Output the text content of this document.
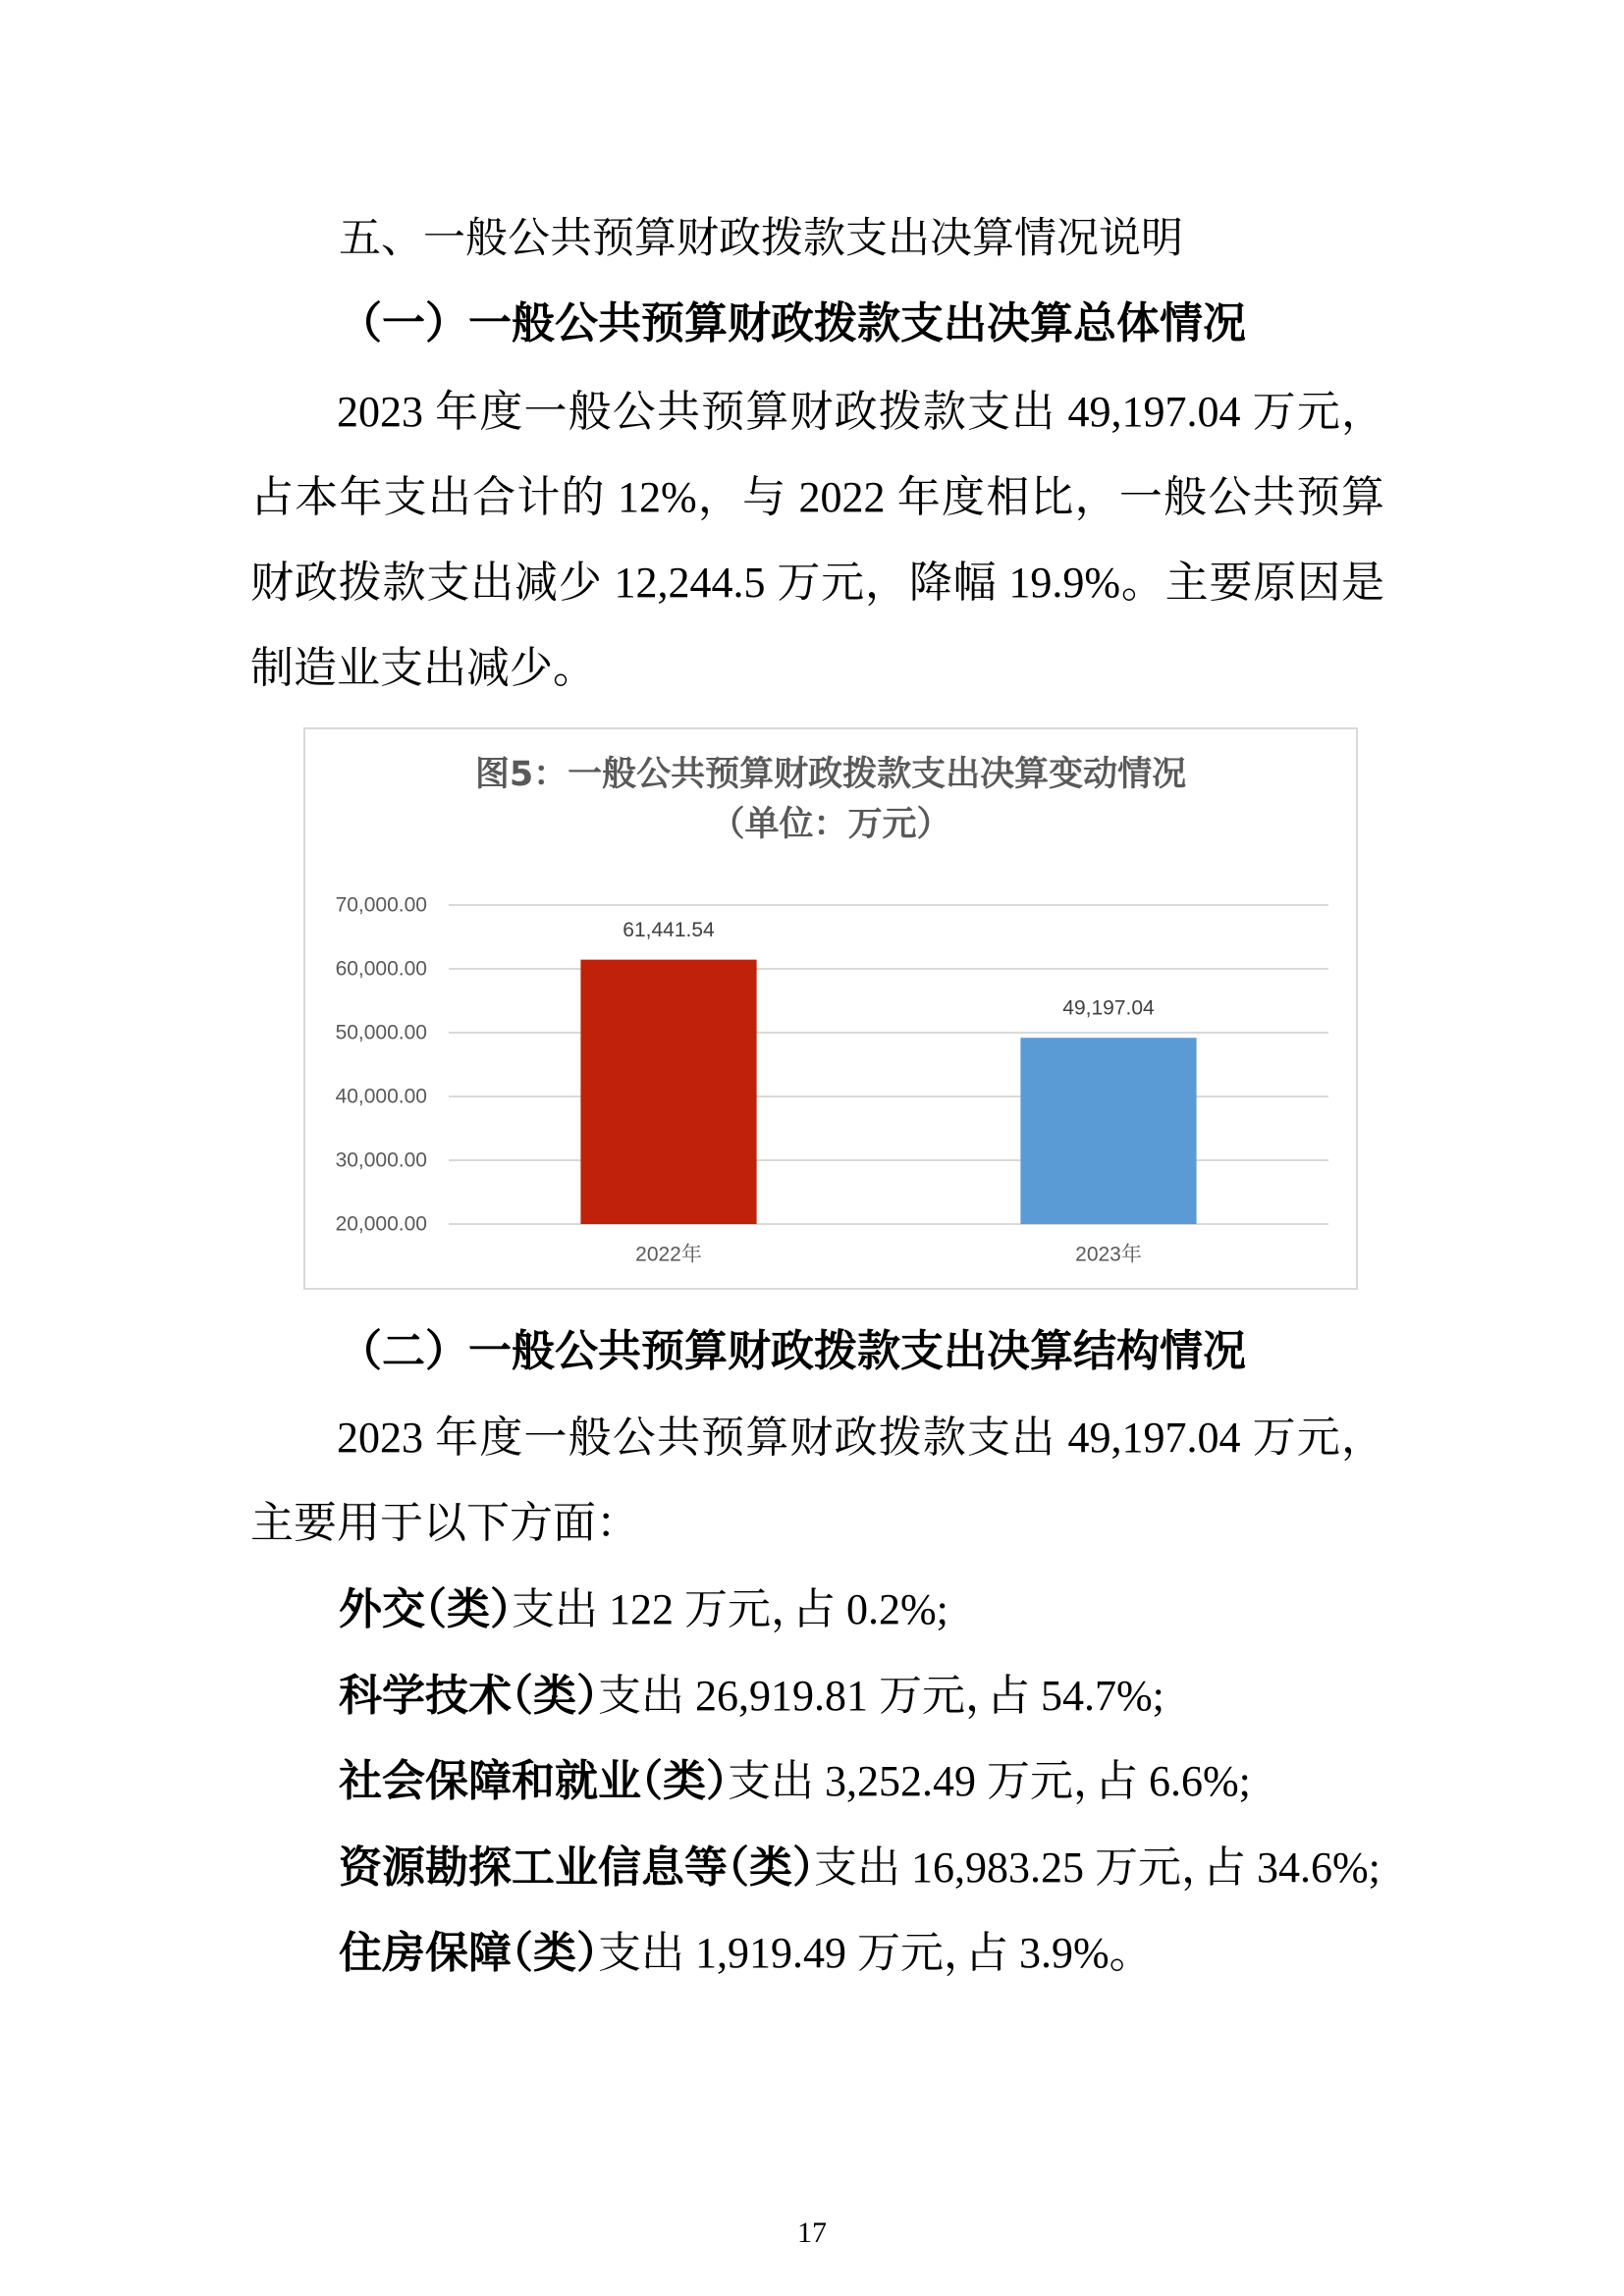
五、一般公共预算财政拨款支出决算情况说明
（一）一般公共预算财政拨款支出决算总体情况
2023 年度一般公共预算财政拨款支出 49,197.04 万元，
占本年支出合计的 12%，与 2022 年度相比，一般公共预算
财政拨款支出减少 12,244.5 万元，降幅 19.9%。主要原因是
制造业支出减少。
图5：一般公共预算财政拨款支出决算变动情况
（单位：万元）
20,000.00
30,000.00
40,000.00
50,000.00
60,000.00
70,000.00
61,441.54
2022年
49,197.04
2023年
（二）一般公共预算财政拨款支出决算结构情况
2023 年度一般公共预算财政拨款支出 49,197.04 万元，
主要用于以下方面：
外交（类）支出 122 万元，占 0.2%;
科学技术（类）支出 26,919.81 万元，占 54.7%;
社会保障和就业（类）支出 3,252.49 万元，占 6.6%;
资源勘探工业信息等（类）支出 16,983.25 万元，占 34.6%;
住房保障（类）支出 1,919.49 万元，占 3.9%。
17
